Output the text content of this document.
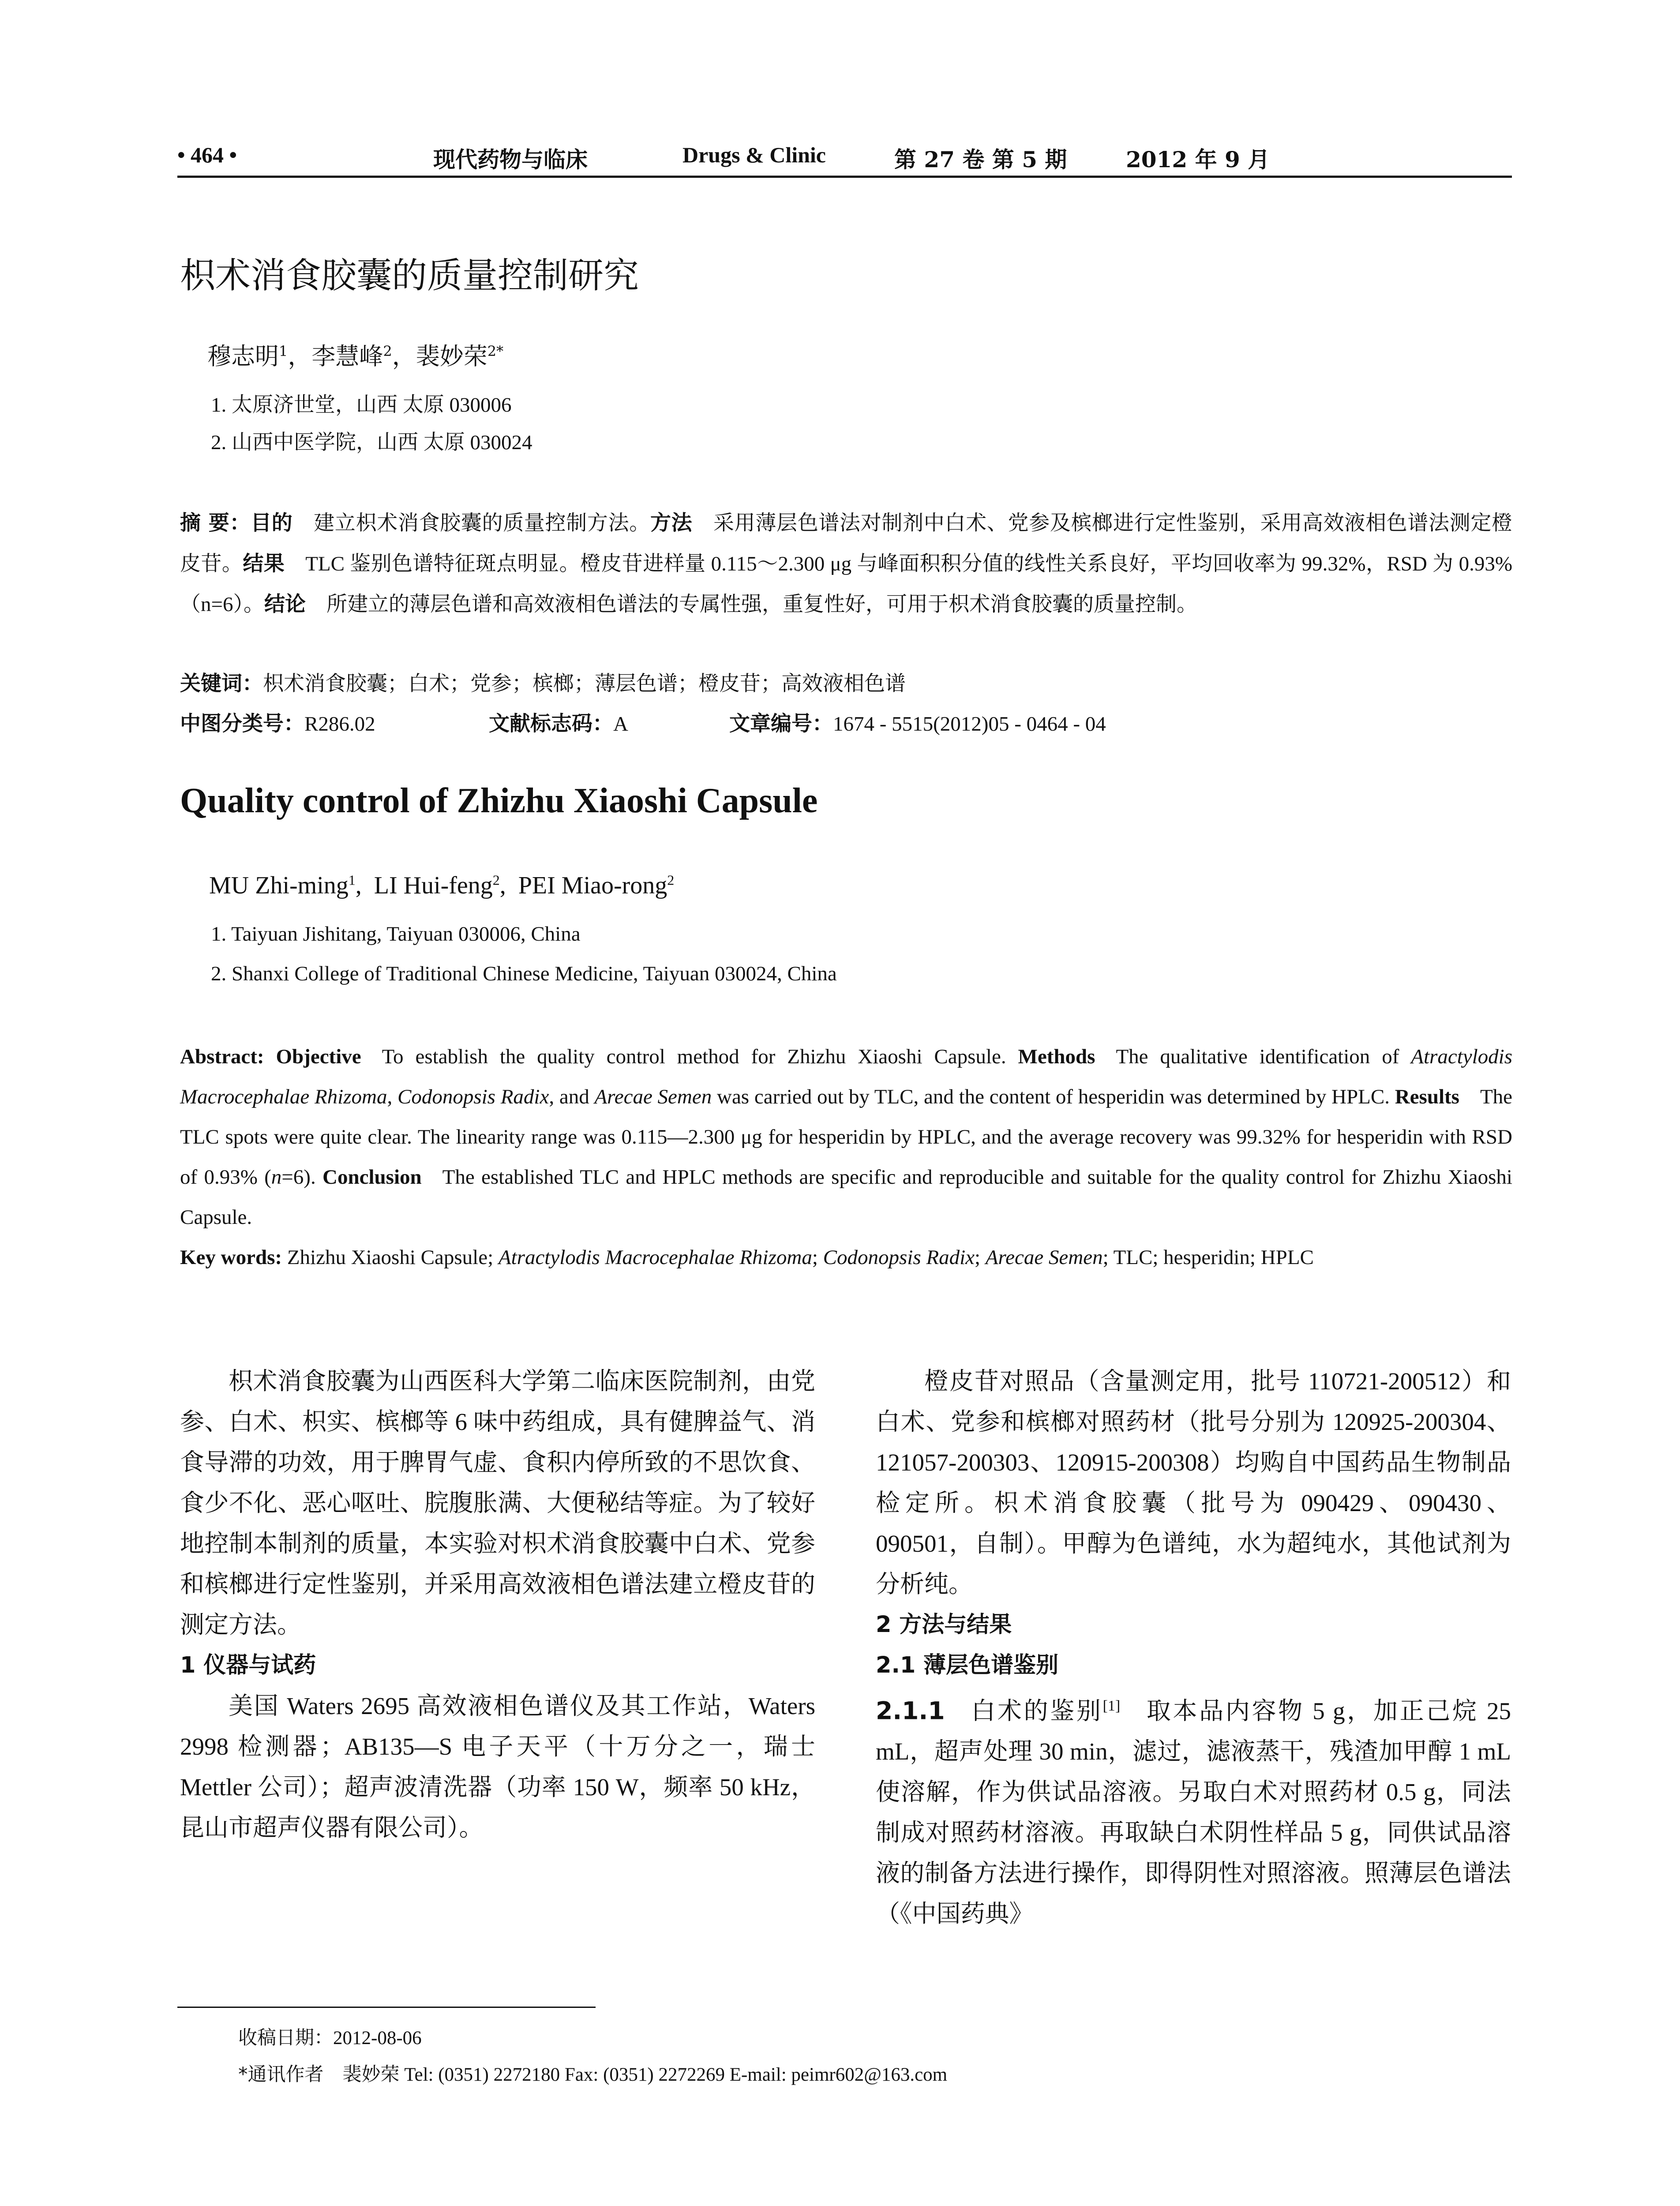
• 464 •	现代药物与临床	Drugs & Clinic	第 27 卷 第 5 期	2012 年 9 月
枳术消食胶囊的质量控制研究
穆志明$^1$，李慧峰$^2$，裴妙荣$^{2*}$
1. 太原济世堂，山西 太原 030006
2. 山西中医学院，山西 太原 030024
摘 要：目的  建立枳术消食胶囊的质量控制方法。方法  采用薄层色谱法对制剂中白术、党参及槟榔进行定性鉴别，采用高效液相色谱法测定橙皮苷。结果  TLC 鉴别色谱特征斑点明显。橙皮苷进样量 0.115～2.300 μg 与峰面积积分值的线性关系良好，平均回收率为 99.32%，RSD 为 0.93%（n=6）。结论  所建立的薄层色谱和高效液相色谱法的专属性强，重复性好，可用于枳术消食胶囊的质量控制。
关键词：枳术消食胶囊；白术；党参；槟榔；薄层色谱；橙皮苷；高效液相色谱
中图分类号：R286.02	文献标志码：A	文章编号：1674 - 5515(2012)05 - 0464 - 04
Quality control of Zhizhu Xiaoshi Capsule
MU Zhi-ming$^1$,  LI Hui-feng$^2$,  PEI Miao-rong$^2$
1. Taiyuan Jishitang, Taiyuan 030006, China
2. Shanxi College of Traditional Chinese Medicine, Taiyuan 030024, China
Abstract: Objective  To establish the quality control method for Zhizhu Xiaoshi Capsule. Methods  The qualitative identification of Atractylodis Macrocephalae Rhizoma, Codonopsis Radix, and Arecae Semen was carried out by TLC, and the content of hesperidin was determined by HPLC. Results  The TLC spots were quite clear. The linearity range was 0.115—2.300 μg for hesperidin by HPLC, and the average recovery was 99.32% for hesperidin with RSD of 0.93% (n=6). Conclusion  The established TLC and HPLC methods are specific and reproducible and suitable for the quality control for Zhizhu Xiaoshi Capsule.
Key words: Zhizhu Xiaoshi Capsule; Atractylodis Macrocephalae Rhizoma; Codonopsis Radix; Arecae Semen; TLC; hesperidin; HPLC

枳术消食胶囊为山西医科大学第二临床医院制剂，由党参、白术、枳实、槟榔等 6 味中药组成，具有健脾益气、消食导滞的功效，用于脾胃气虚、食积内停所致的不思饮食、食少不化、恶心呕吐、脘腹胀满、大便秘结等症。为了较好地控制本制剂的质量，本实验对枳术消食胶囊中白术、党参和槟榔进行定性鉴别，并采用高效液相色谱法建立橙皮苷的测定方法。

1 仪器与试药

美国 Waters 2695 高效液相色谱仪及其工作站，Waters 2998 检测器；AB135—S 电子天平（十万分之一，瑞士 Mettler 公司）；超声波清洗器（功率 150 W，频率 50 kHz，昆山市超声仪器有限公司）。

橙皮苷对照品（含量测定用，批号 110721-200512）和白术、党参和槟榔对照药材（批号分别为 120925-200304、121057-200303、120915-200308）均购自中国药品生物制品检定所。枳术消食胶囊（批号为 090429、090430、090501，自制）。甲醇为色谱纯，水为超纯水，其他试剂为分析纯。

2 方法与结果
2.1 薄层色谱鉴别

2.1.1  白术的鉴别[1]  取本品内容物 5 g，加正己烷 25 mL，超声处理 30 min，滤过，滤液蒸干，残渣加甲醇 1 mL 使溶解，作为供试品溶液。另取白术对照药材 0.5 g，同法制成对照药材溶液。再取缺白术阴性样品 5 g，同供试品溶液的制备方法进行操作，即得阴性对照溶液。照薄层色谱法（《中国药典》

收稿日期：2012-08-06
*通讯作者  裴妙荣 Tel: (0351) 2272180 Fax: (0351) 2272269 E-mail: peimr602@163.com
